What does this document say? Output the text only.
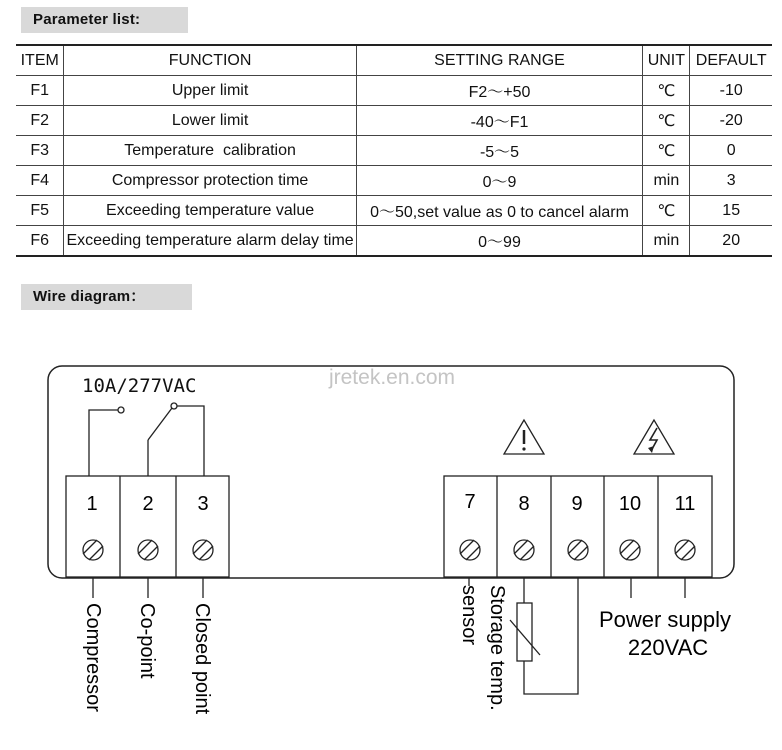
Parameter list:
ITEM	FUNCTION	SETTING RANGE	UNIT	DEFAULT
F1	Upper limit	F2～+50	℃	-10
F2	Lower limit	-40～F1	℃	-20
F3	Temperature  calibration	-5～5	℃	0
F4	Compressor protection time	0～9	min	3
F5	Exceeding temperature value	0～50,set value as 0 to cancel alarm	℃	15
F6	Exceeding temperature alarm delay time	0～99	min	20
Wire diagram：
jretek.en.com
10A/277VAC
1 2 3	7 8 9 10 11
Compressor Co-point Closed point	sensor Storage temp.	Power supply
220VAC
